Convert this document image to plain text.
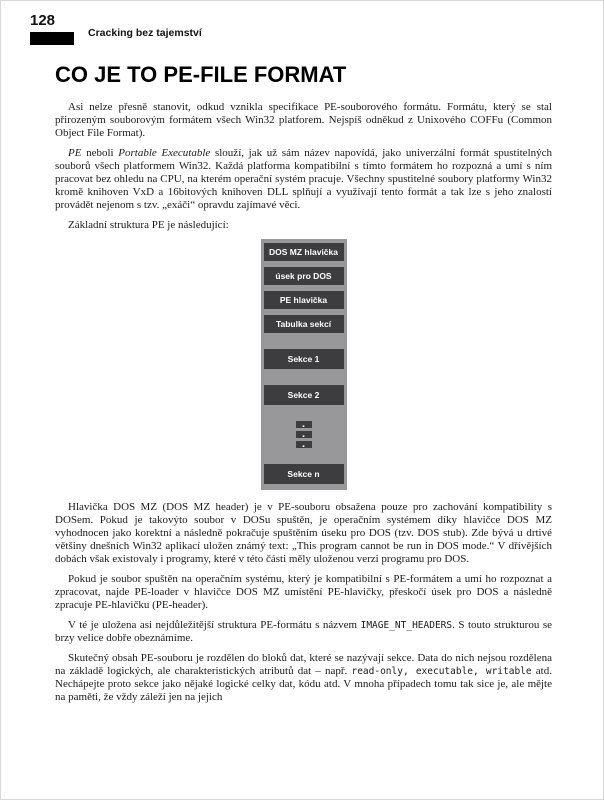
128
Cracking bez tajemství
CO JE TO PE-FILE FORMAT

Asi nelze přesně stanovit, odkud vznikla specifikace PE-souborového formátu. Formátu, který se stal přirozeným souborovým formátem všech Win32 platforem. Nejspíš odněkud z Unixového COFFu (Common Object File Format).

PE neboli Portable Executable slouží, jak už sám název napovídá, jako univerzální formát spustitelných souborů všech platformem Win32. Každá platforma kompatibilní s tímto formátem ho rozpozná a umí s ním pracovat bez ohledu na CPU, na kterém operační systém pracuje. Všechny spustitelné soubory platformy Win32 kromě knihoven VxD a 16bitových knihoven DLL splňují a využívají tento formát a tak lze s jeho znalostí provádět nejenom s tzv. „exáči“ opravdu zajímavé věci.

Základní struktura PE je následující:

DOS MZ hlavička
úsek pro DOS
PE hlavička
Tabulka sekcí
Sekce 1
Sekce 2
.
.
.
Sekce n

Hlavička DOS MZ (DOS MZ header) je v PE-souboru obsažena pouze pro zachování kompatibility s DOSem. Pokud je takovýto soubor v DOSu spuštěn, je operačním systémem díky hlavičce DOS MZ vyhodnocen jako korektní a následně pokračuje spuštěním úseku pro DOS (tzv. DOS stub). Zde bývá u drtivé většiny dnešních Win32 aplikací uložen známý text: „This program cannot be run in DOS mode.“ V dřívějších dobách však existovaly i programy, které v této části měly uloženou verzi programu pro DOS.

Pokud je soubor spuštěn na operačním systému, který je kompatibilní s PE-formátem a umí ho rozpoznat a zpracovat, najde PE-loader v hlavičce DOS MZ umístění PE-hlavičky, přeskočí úsek pro DOS a následně zpracuje PE-hlavičku (PE-header).

V té je uložena asi nejdůležitější struktura PE-formátu s názvem IMAGE_NT_HEADERS. S touto strukturou se brzy velice dobře obeznámíme.

Skutečný obsah PE-souboru je rozdělen do bloků dat, které se nazývají sekce. Data do nich nejsou rozdělena na základě logických, ale charakteristických atributů dat – např. read-only, executable, writable atd. Nechápejte proto sekce jako nějaké logické celky dat, kódu atd. V mnoha případech tomu tak sice je, ale mějte na paměti, že vždy záleží jen na jejich
